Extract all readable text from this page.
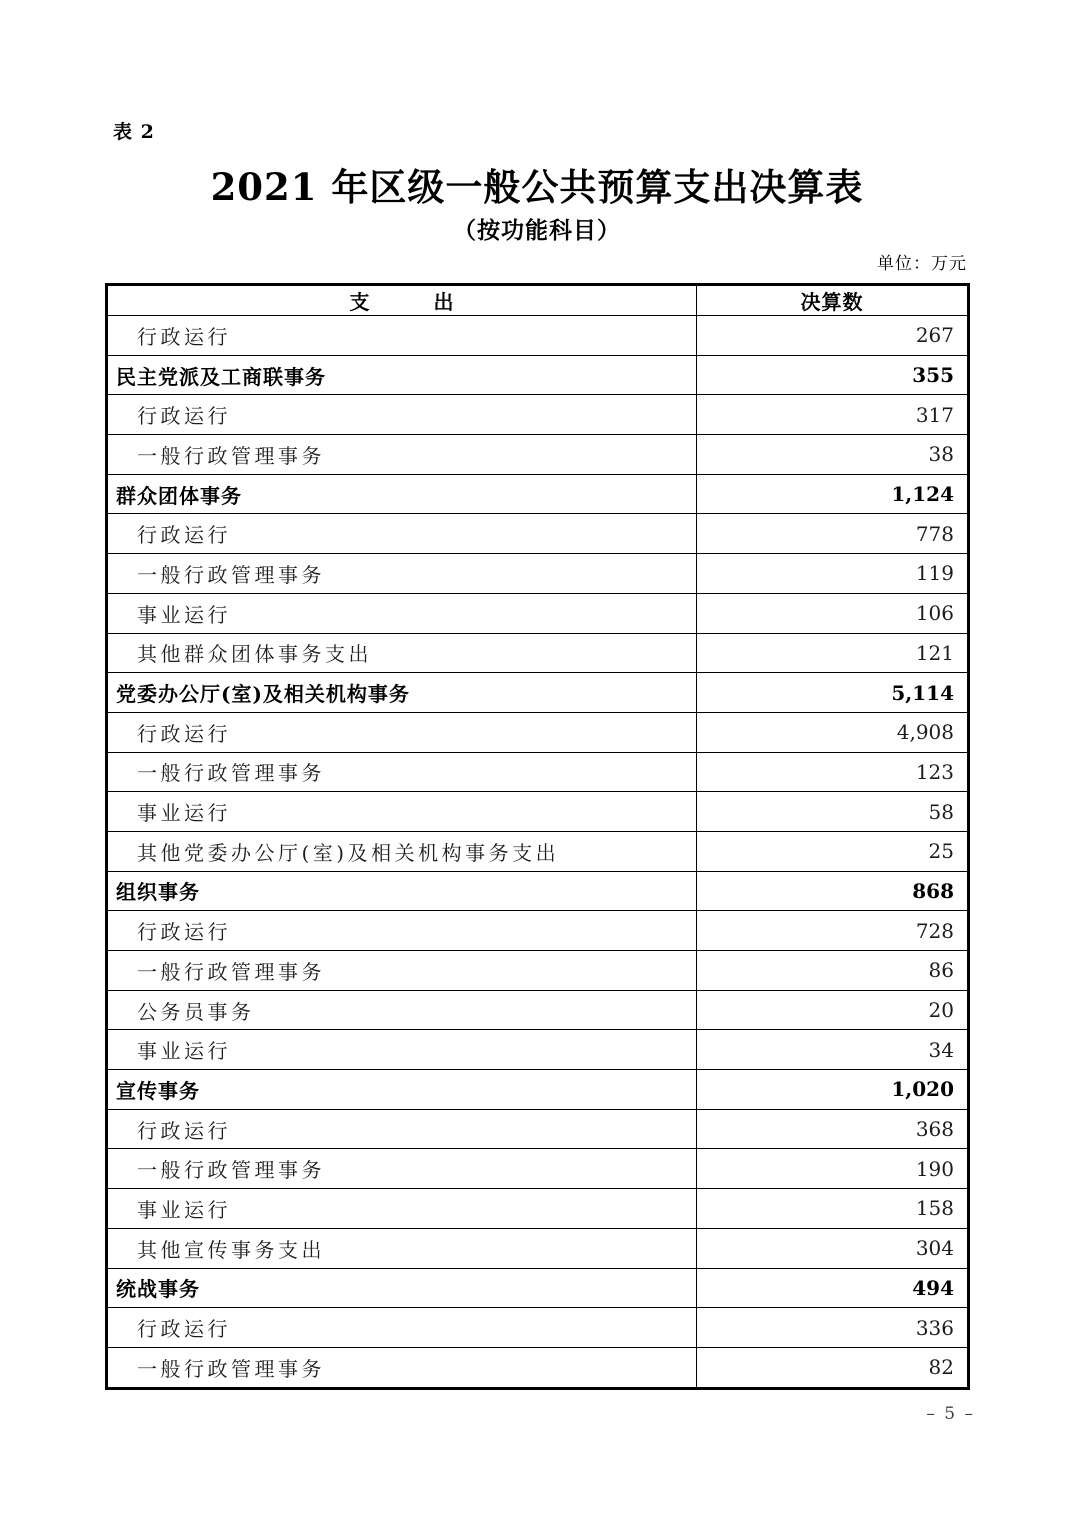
表 2
2021 年区级一般公共预算支出决算表
（按功能科目）
单位：万元
支　　　出	决算数
行政运行	267
民主党派及工商联事务	355
行政运行	317
一般行政管理事务	38
群众团体事务	1,124
行政运行	778
一般行政管理事务	119
事业运行	106
其他群众团体事务支出	121
党委办公厅(室)及相关机构事务	5,114
行政运行	4,908
一般行政管理事务	123
事业运行	58
其他党委办公厅(室)及相关机构事务支出	25
组织事务	868
行政运行	728
一般行政管理事务	86
公务员事务	20
事业运行	34
宣传事务	1,020
行政运行	368
一般行政管理事务	190
事业运行	158
其他宣传事务支出	304
统战事务	494
行政运行	336
一般行政管理事务	82
– 5 –
